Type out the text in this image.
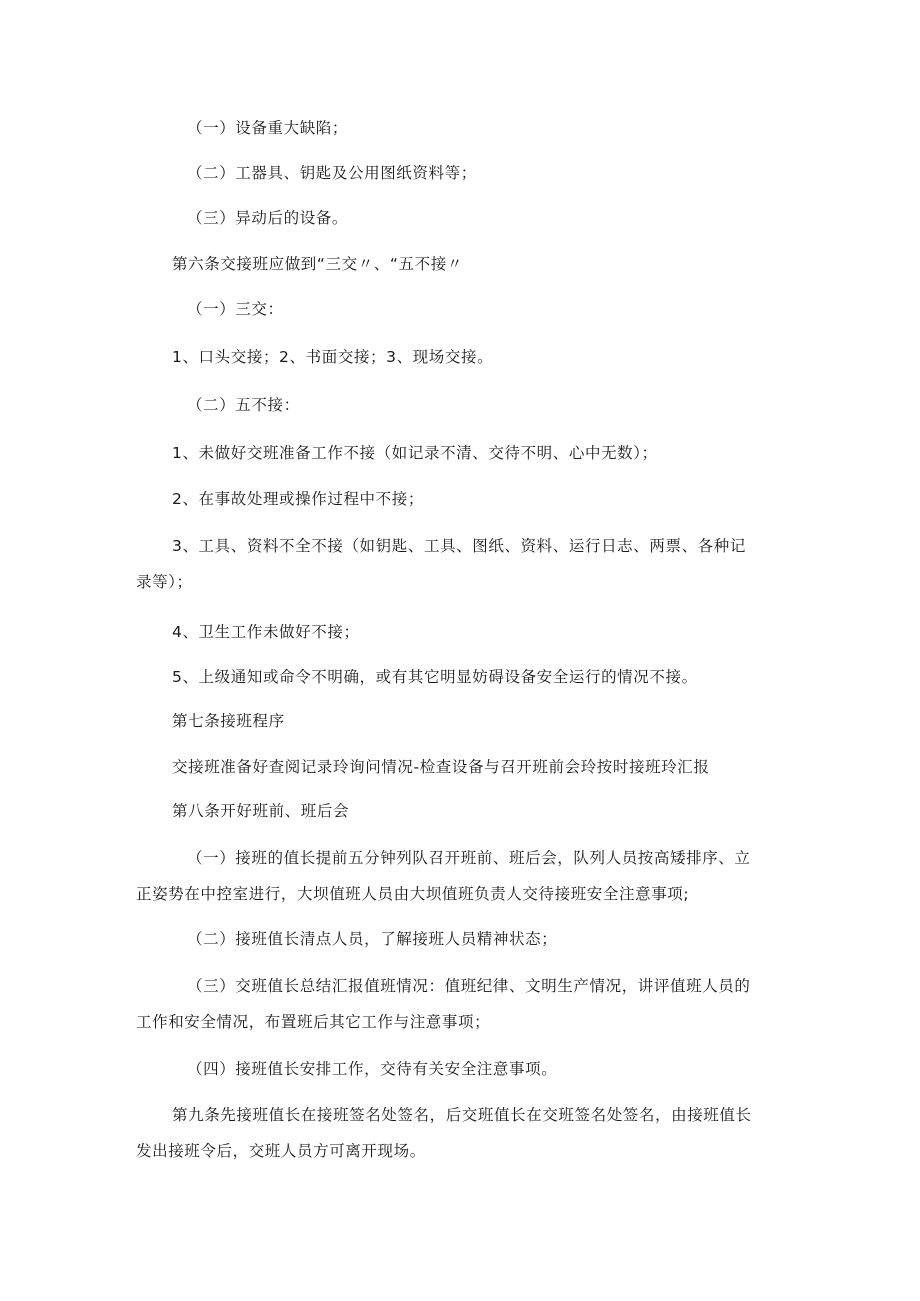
（一）设备重大缺陷；
（二）工器具、钥匙及公用图纸资料等；
（三）异动后的设备。
第六条交接班应做到“三交〃、“五不接〃
（一）三交：
1、口头交接；2、书面交接；3、现场交接。
（二）五不接：
1、未做好交班准备工作不接（如记录不清、交待不明、心中无数）；
2、在事故处理或操作过程中不接；
3、工具、资料不全不接（如钥匙、工具、图纸、资料、运行日志、两票、各种记
录等）；
4、卫生工作未做好不接；
5、上级通知或命令不明确，或有其它明显妨碍设备安全运行的情况不接。
第七条接班程序
交接班准备好查阅记录玲询问情况-检查设备与召开班前会玲按时接班玲汇报
第八条开好班前、班后会
（一）接班的值长提前五分钟列队召开班前、班后会，队列人员按高矮排序、立
正姿势在中控室进行，大坝值班人员由大坝值班负责人交待接班安全注意事项;
（二）接班值长清点人员，了解接班人员精神状态；
（三）交班值长总结汇报值班情况：值班纪律、文明生产情况，讲评值班人员的
工作和安全情况，布置班后其它工作与注意事项；
（四）接班值长安排工作，交待有关安全注意事项。
第九条先接班值长在接班签名处签名，后交班值长在交班签名处签名，由接班值长
发出接班令后，交班人员方可离开现场。
